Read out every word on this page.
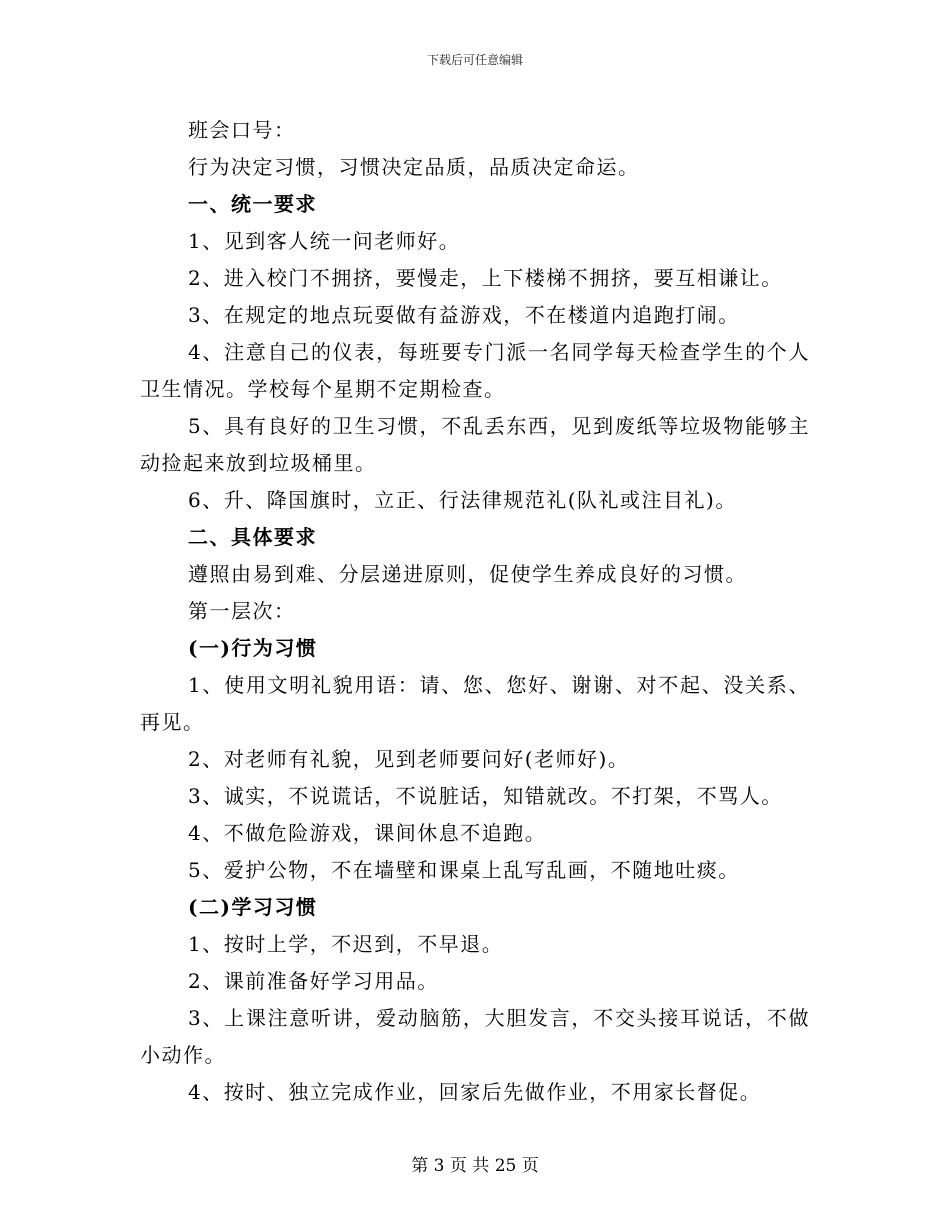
下载后可任意编辑

班会口号：

行为决定习惯，习惯决定品质，品质决定命运。

一、统一要求

1、见到客人统一问老师好。

2、进入校门不拥挤，要慢走，上下楼梯不拥挤，要互相谦让。

3、在规定的地点玩耍做有益游戏，不在楼道内追跑打闹。

4、注意自己的仪表，每班要专门派一名同学每天检查学生的个人卫生情况。学校每个星期不定期检查。

5、具有良好的卫生习惯，不乱丢东西，见到废纸等垃圾物能够主动捡起来放到垃圾桶里。

6、升、降国旗时，立正、行法律规范礼(队礼或注目礼)。

二、具体要求

遵照由易到难、分层递进原则，促使学生养成良好的习惯。

第一层次：

(一)行为习惯

1、使用文明礼貌用语：请、您、您好、谢谢、对不起、没关系、再见。

2、对老师有礼貌，见到老师要问好(老师好)。

3、诚实，不说谎话，不说脏话，知错就改。不打架，不骂人。

4、不做危险游戏，课间休息不追跑。

5、爱护公物，不在墙壁和课桌上乱写乱画，不随地吐痰。

(二)学习习惯

1、按时上学，不迟到，不早退。

2、课前准备好学习用品。

3、上课注意听讲，爱动脑筋，大胆发言，不交头接耳说话，不做小动作。

4、按时、独立完成作业，回家后先做作业，不用家长督促。

第 3 页 共 25 页
